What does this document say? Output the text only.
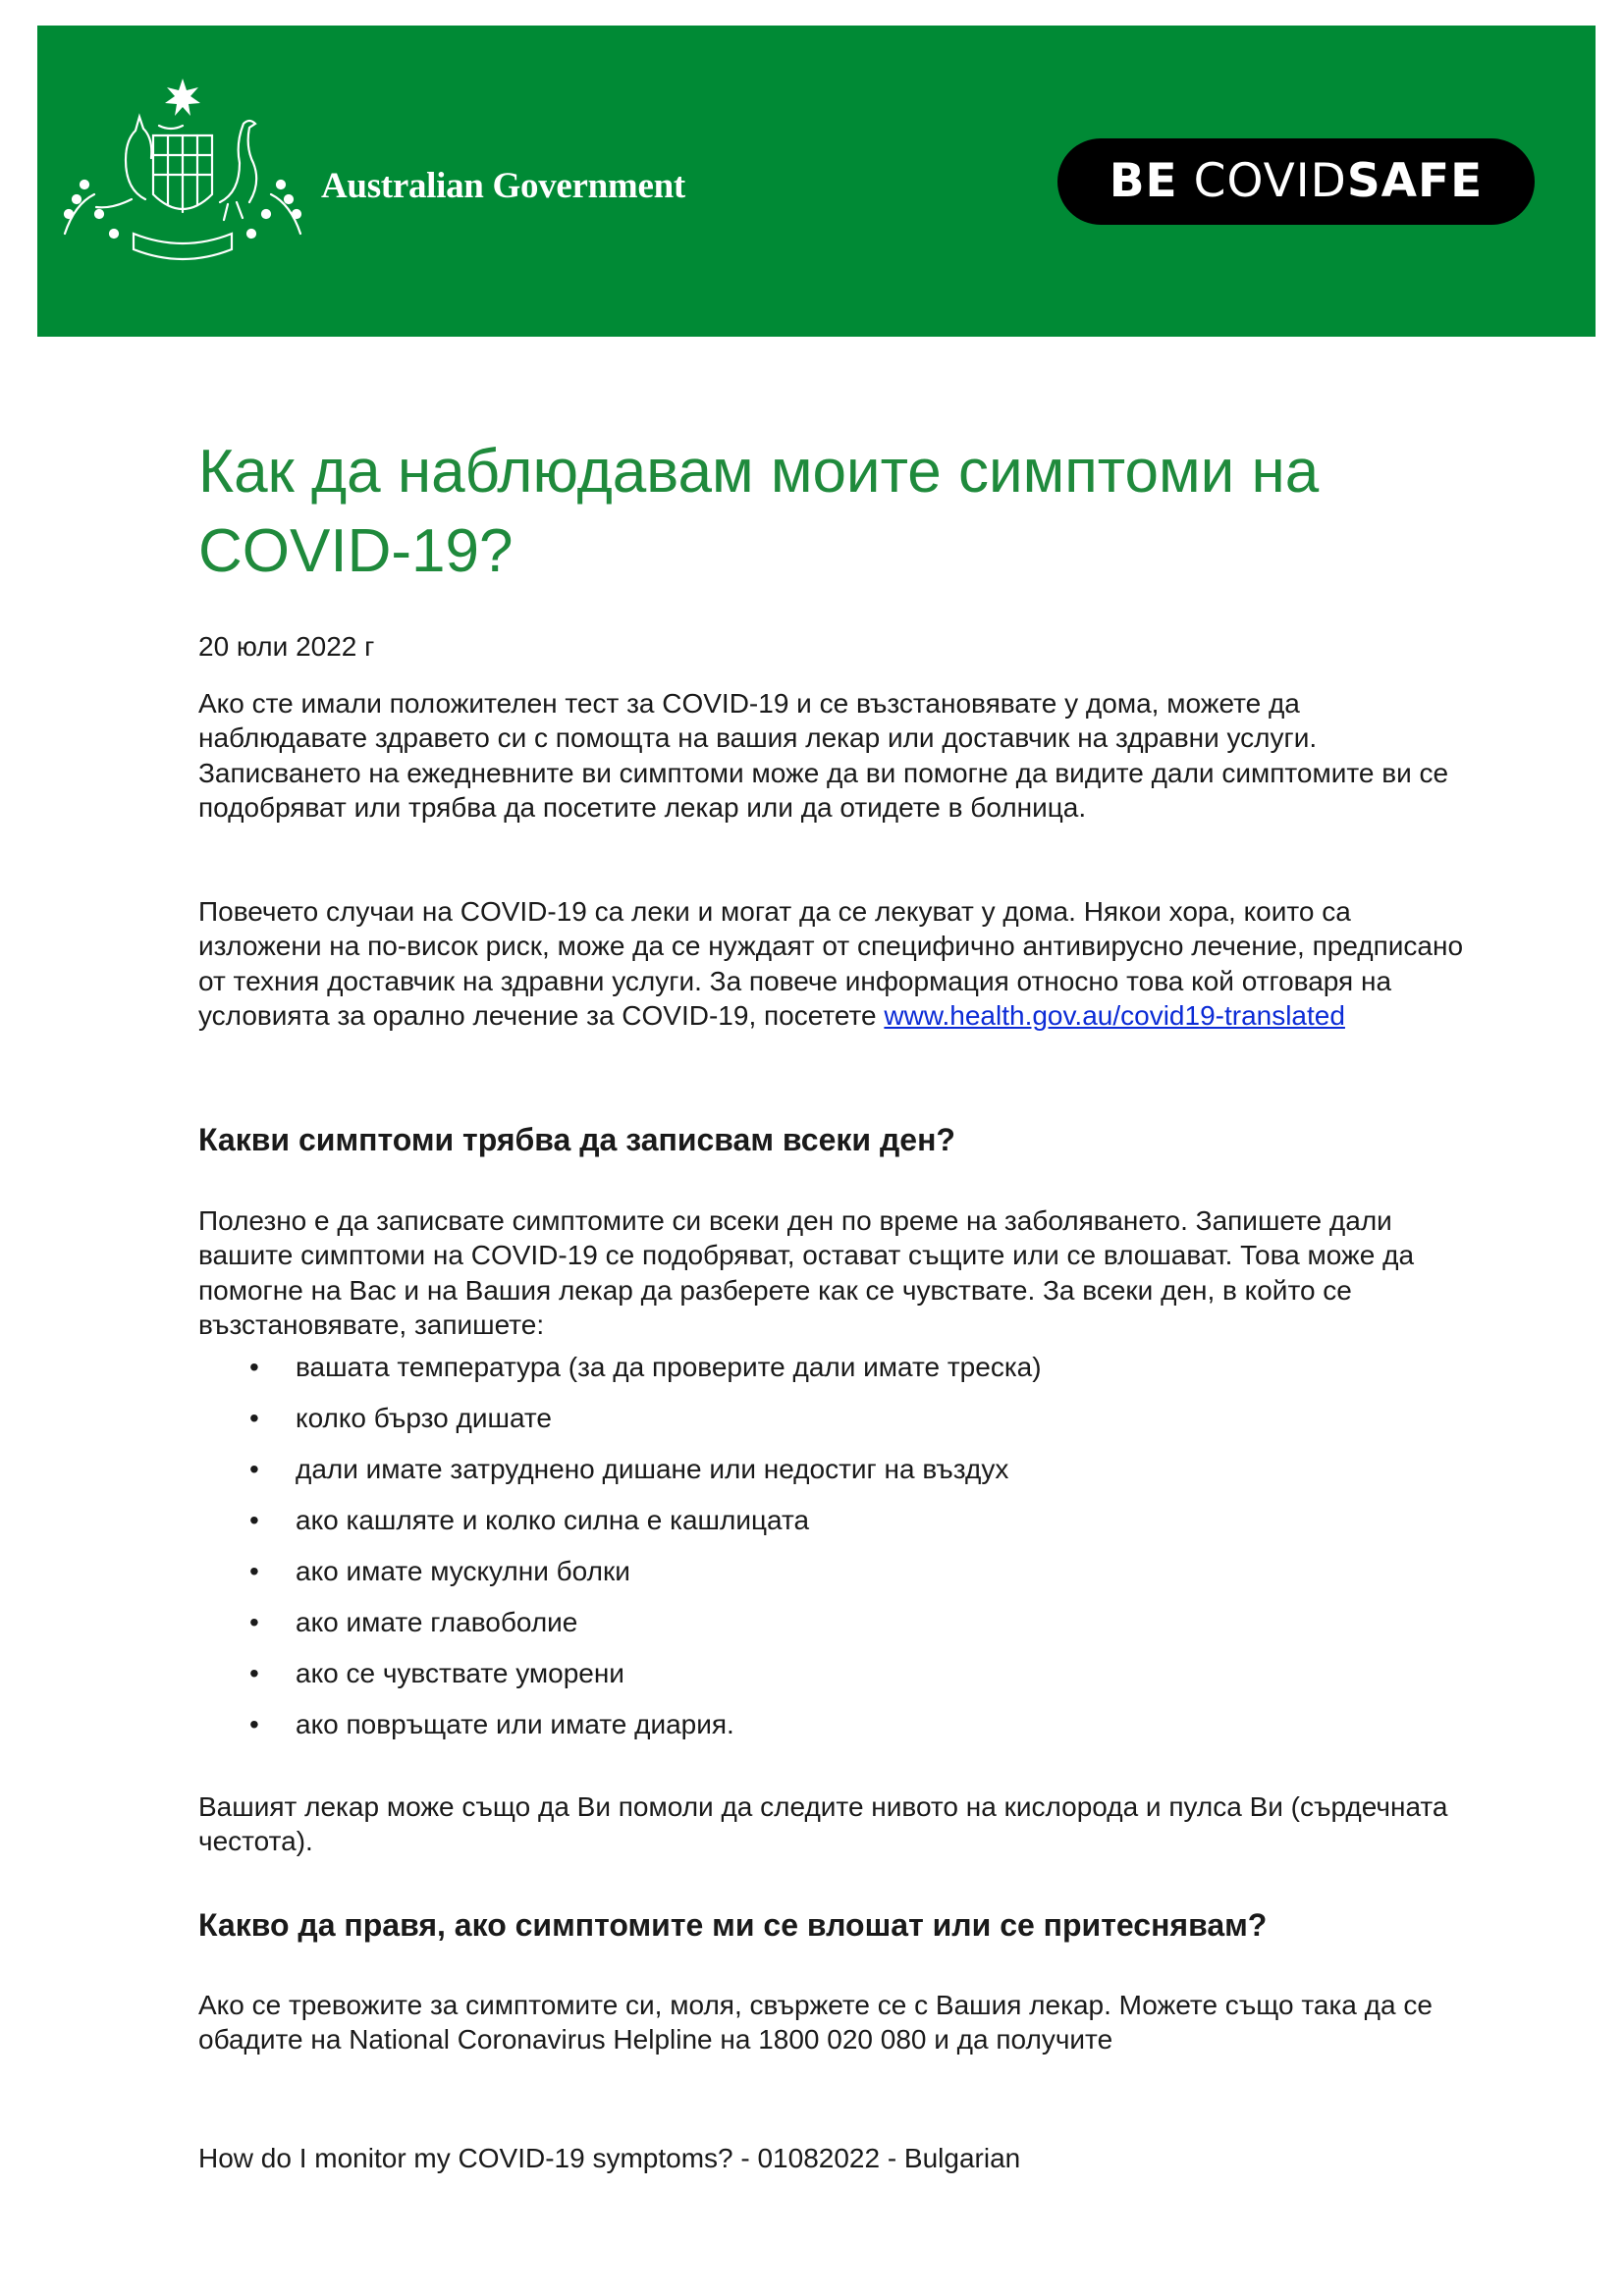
Australian Government	BE COVIDSAFE
Как да наблюдавам моите симптоми на COVID-19?
20 юли 2022 г

Ако сте имали положителен тест за COVID-19 и се възстановявате у дома, можете да наблюдавате здравето си с помощта на вашия лекар или доставчик на здравни услуги. Записването на ежедневните ви симптоми може да ви помогне да видите дали симптомите ви се подобряват или трябва да посетите лекар или да отидете в болница.

Повечето случаи на COVID-19 са леки и могат да се лекуват у дома. Някои хора, които са изложени на по-висок риск, може да се нуждаят от специфично антивирусно лечение, предписано от техния доставчик на здравни услуги. За повече информация относно това кой отговаря на условията за орално лечение за COVID-19, посетете www.health.gov.au/covid19-translated

Какви симптоми трябва да записвам всеки ден?

Полезно е да записвате симптомите си всеки ден по време на заболяването. Запишете дали вашите симптоми на COVID-19 се подобряват, остават същите или се влошават. Това може да помогне на Вас и на Вашия лекар да разберете как се чувствате. За всеки ден, в който се възстановявате, запишете:

• вашата температура (за да проверите дали имате треска)
• колко бързо дишате
• дали имате затруднено дишане или недостиг на въздух
• ако кашляте и колко силна е кашлицата
• ако имате мускулни болки
• ако имате главоболие
• ако се чувствате уморени
• ако повръщате или имате диария.

Вашият лекар може също да Ви помоли да следите нивото на кислорода и пулса Ви (сърдечната честота).

Какво да правя, ако симптомите ми се влошат или се притеснявам?

Ако се тревожите за симптомите си, моля, свържете се с Вашия лекар. Можете също така да се обадите на National Coronavirus Helpline на 1800 020 080 и да получите

How do I monitor my COVID-19 symptoms? - 01082022 - Bulgarian
